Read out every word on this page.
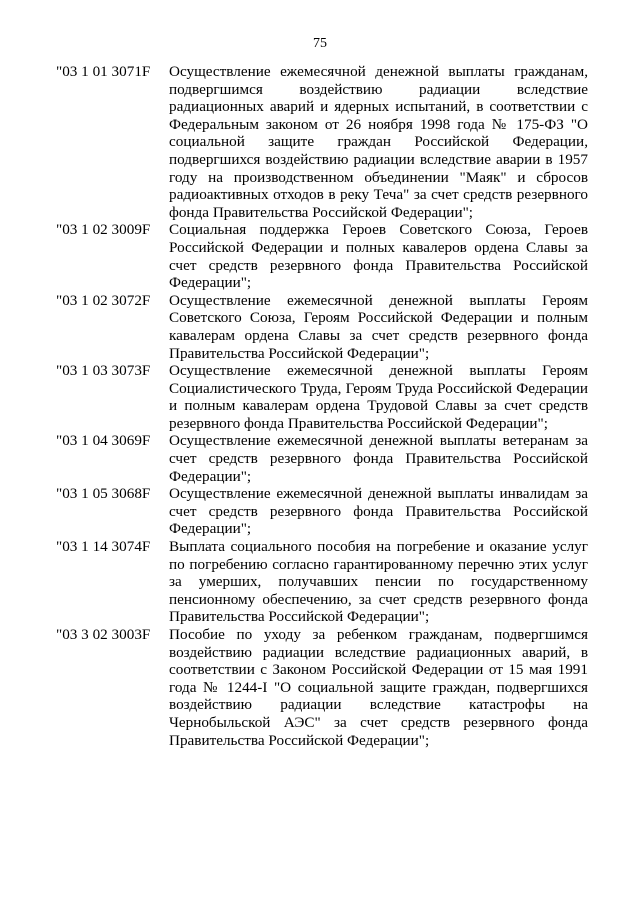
75
"03 1 01 3071F	Осуществление ежемесячной денежной выплаты гражданам, подвергшимся воздействию радиации вследствие радиационных аварий и ядерных испытаний, в соответствии с Федеральным законом от 26 ноября 1998 года № 175-ФЗ "О социальной защите граждан Российской Федерации, подвергшихся воздействию радиации вследствие аварии в 1957 году на производственном объединении "Маяк" и сбросов радиоактивных отходов в реку Теча" за счет средств резервного фонда Правительства Российской Федерации";
"03 1 02 3009F	Социальная поддержка Героев Советского Союза, Героев Российской Федерации и полных кавалеров ордена Славы за счет средств резервного фонда Правительства Российской Федерации";
"03 1 02 3072F	Осуществление ежемесячной денежной выплаты Героям Советского Союза, Героям Российской Федерации и полным кавалерам ордена Славы за счет средств резервного фонда Правительства Российской Федерации";
"03 1 03 3073F	Осуществление ежемесячной денежной выплаты Героям Социалистического Труда, Героям Труда Российской Федерации и полным кавалерам ордена Трудовой Славы за счет средств резервного фонда Правительства Российской Федерации";
"03 1 04 3069F	Осуществление ежемесячной денежной выплаты ветеранам за счет средств резервного фонда Правительства Российской Федерации";
"03 1 05 3068F	Осуществление ежемесячной денежной выплаты инвалидам за счет средств резервного фонда Правительства Российской Федерации";
"03 1 14 3074F	Выплата социального пособия на погребение и оказание услуг по погребению согласно гарантированному перечню этих услуг за умерших, получавших пенсии по государственному пенсионному обеспечению, за счет средств резервного фонда Правительства Российской Федерации";
"03 3 02 3003F	Пособие по уходу за ребенком гражданам, подвергшимся воздействию радиации вследствие радиационных аварий, в соответствии с Законом Российской Федерации от 15 мая 1991 года № 1244-I "О социальной защите граждан, подвергшихся воздействию радиации вследствие катастрофы на Чернобыльской АЭС" за счет средств резервного фонда Правительства Российской Федерации";
